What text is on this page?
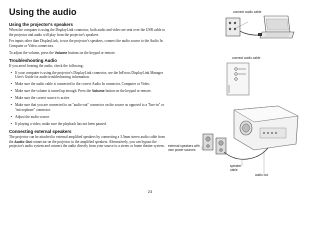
Using the audio
Using the projector's speakers

When the computer is using the DisplayLink connector, both audio and video are sent over the USB cable to the projector and audio will play from the projector's speakers.

For inputs other than DisplayLink, to use the projector's speakers, connect the audio source to the Audio In Computer or Video connectors.

To adjust the volume, press the Volume buttons on the keypad or remote.

Troubleshooting Audio

If you aren't hearing the audio, check the following:

• If your computer is using the projector's DisplayLink connector, see the InFocus DisplayLink Manager User's Guide for audio troubleshooting information.
• Make sure the audio cable is connected to the correct Audio In connector, Computer or Video.
• Make sure the volume is turned up enough. Press the Volume button on the keypad or remote.
• Make sure the correct source is active.
• Make sure that you are connected to an "audio-out" connector on the source as opposed to a "line-in" or "microphone" connector.
• Adjust the audio source.
• If playing a video, make sure the playback has not been paused.
Connecting external speakers

The projector can be attached to external amplified speakers by connecting a 3.5mm stereo audio cable from the Audio Out connector on the projector to the amplified speakers. Alternatively, you can bypass the projector's audio system and connect the audio directly from your source to a stereo or home theater system.

connect audio cable
connect audio cable
external speakers with own power sources
speaker cable
audio out
23
